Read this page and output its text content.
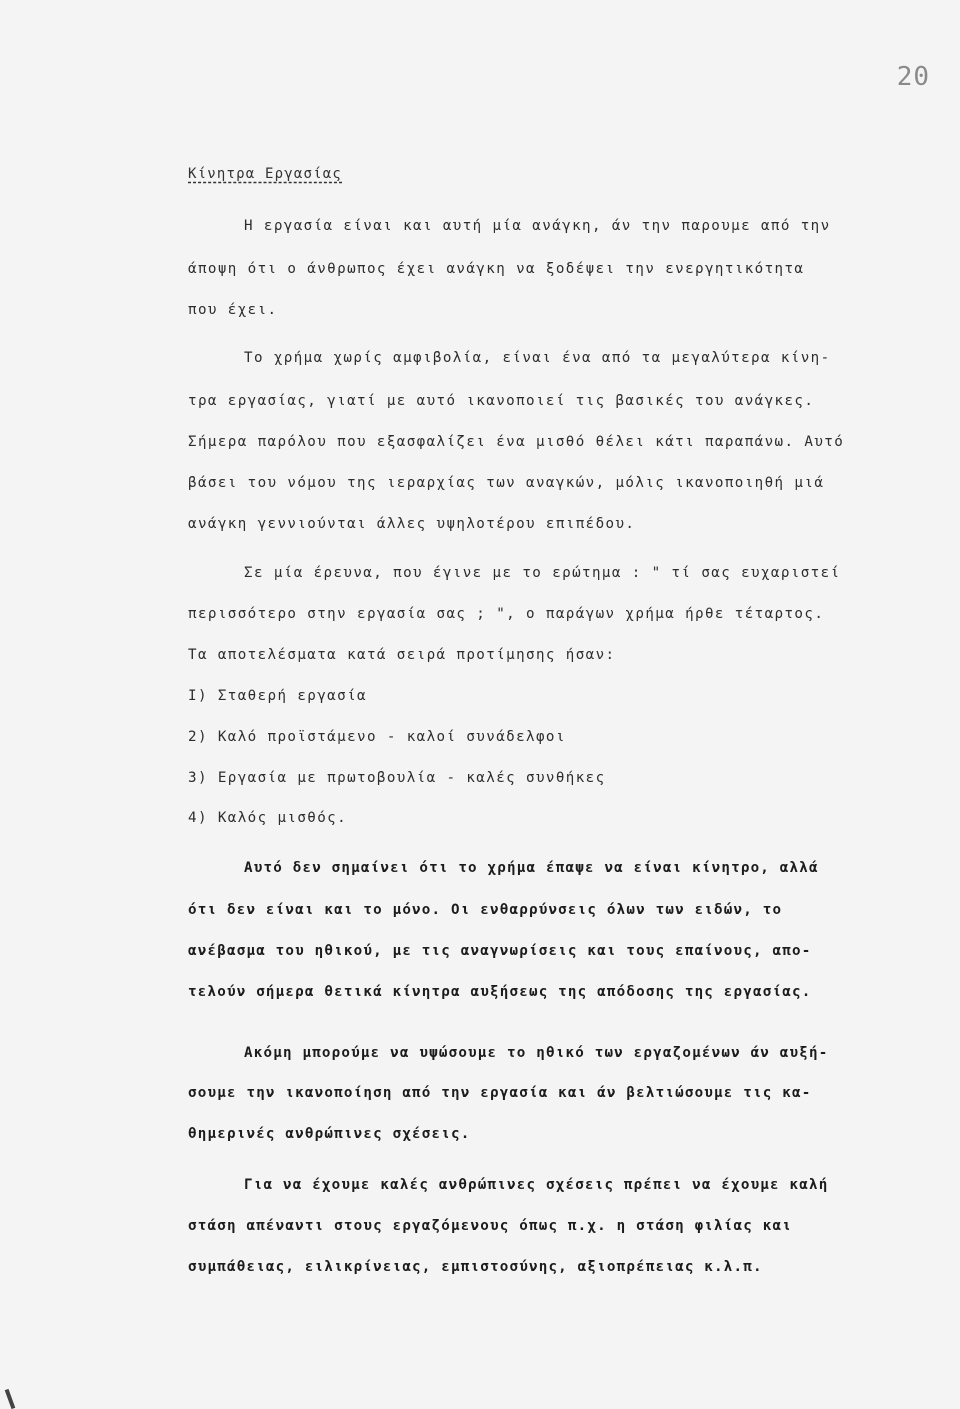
20
Κίνητρα Εργασίας
Η εργασία είναι και αυτή μία ανάγκη, άν την παρουμε από την
άποψη ότι ο άνθρωπος έχει ανάγκη να ξοδέψει την ενεργητικότητα
που έχει.
Το χρήμα χωρίς αμφιβολία, είναι ένα από τα μεγαλύτερα κίνη-
τρα εργασίας, γιατί με αυτό ικανοποιεί τις βασικές του ανάγκες.
Σήμερα παρόλου που εξασφαλίζει ένα μισθό θέλει κάτι παραπάνω. Αυτό
βάσει του νόμου της ιεραρχίας των αναγκών, μόλις ικανοποιηθή μιά
ανάγκη γεννιούνται άλλες υψηλοτέρου επιπέδου.
Σε μία έρευνα, που έγινε με το ερώτημα : " τί σας ευχαριστεί
περισσότερο στην εργασία σας ; ", ο παράγων χρήμα ήρθε τέταρτος.
Τα αποτελέσματα κατά σειρά προτίμησης ήσαν:
Ι) Σταθερή εργασία
2) Καλό προϊστάμενο - καλοί συνάδελφοι
3) Εργασία με πρωτοβουλία - καλές συνθήκες
4) Καλός μισθός.
Αυτό δεν σημαίνει ότι το χρήμα έπαψε να είναι κίνητρο, αλλά
ότι δεν είναι και το μόνο. Οι ενθαρρύνσεις όλων των ειδών, το
ανέβασμα του ηθικού, με τις αναγνωρίσεις και τους επαίνους, απο-
τελούν σήμερα θετικά κίνητρα αυξήσεως της απόδοσης της εργασίας.
Ακόμη μπορούμε να υψώσουμε το ηθικό των εργαζομένων άν αυξή-
σουμε την ικανοποίηση από την εργασία και άν βελτιώσουμε τις κα-
θημερινές ανθρώπινες σχέσεις.
Για να έχουμε καλές ανθρώπινες σχέσεις πρέπει να έχουμε καλή
στάση απέναντι στους εργαζόμενους όπως π.χ. η στάση φιλίας και
συμπάθειας, ειλικρίνειας, εμπιστοσύνης, αξιοπρέπειας κ.λ.π.
